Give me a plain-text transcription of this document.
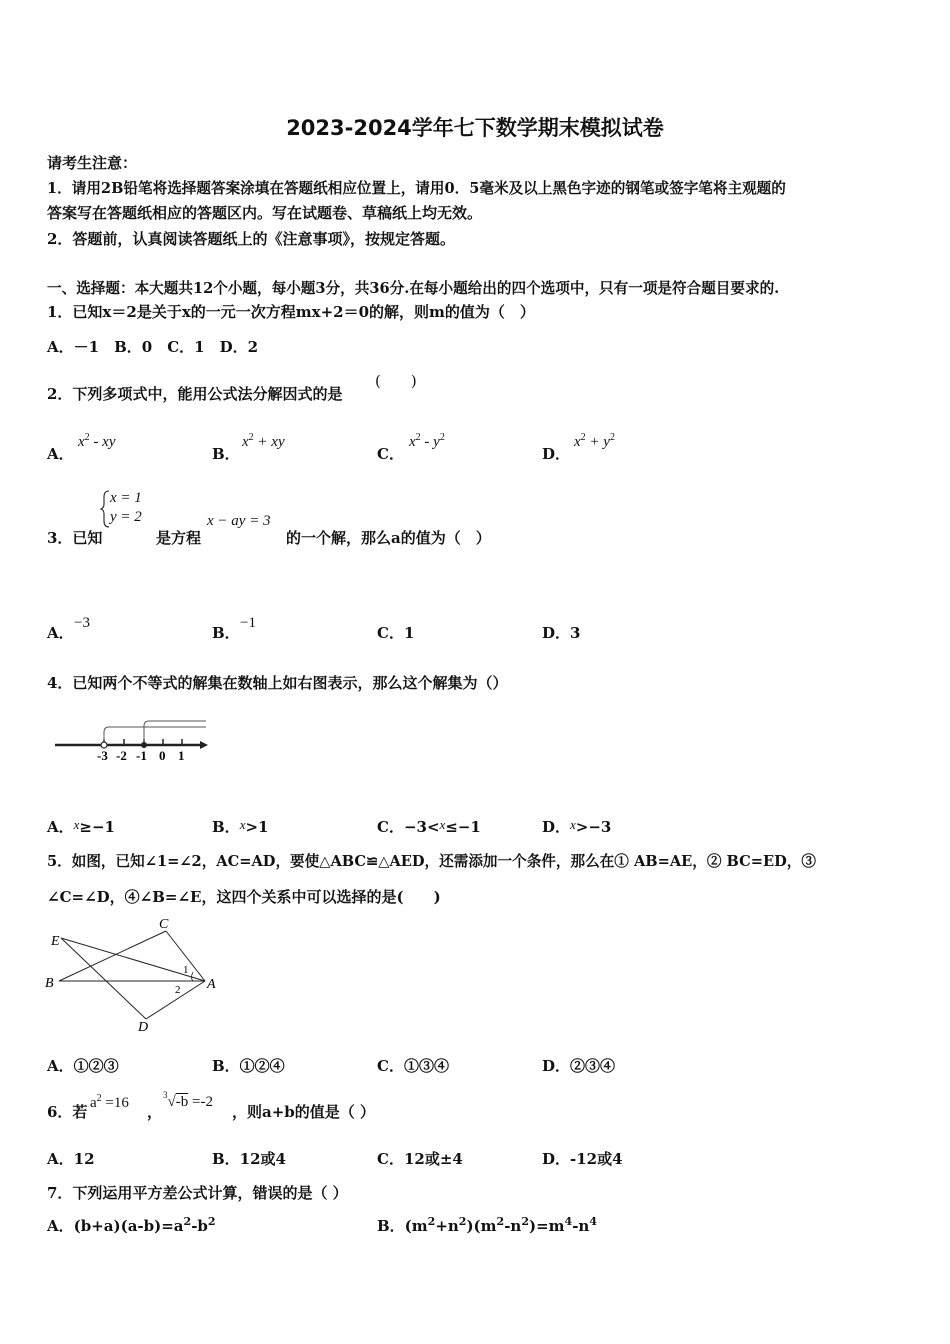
2023-2024学年七下数学期末模拟试卷
请考生注意：
1．请用2B铅笔将选择题答案涂填在答题纸相应位置上，请用0．5毫米及以上黑色字迹的钢笔或签字笔将主观题的
答案写在答题纸相应的答题区内。写在试题卷、草稿纸上均无效。
2．答题前，认真阅读答题纸上的《注意事项》，按规定答题。
一、选择题：本大题共12个小题，每小题3分，共36分.在每小题给出的四个选项中，只有一项是符合题目要求的.
1．已知x＝2是关于x的一元一次方程mx+2＝0的解，则m的值为（　）
A．－1　B．0　C．1　D．2
2．下列多项式中，能用公式法分解因式的是
(　　)
A．
$x^2$ - xy
B．
$x^2$ + xy
C．
$x^2 - y^2$
D．
$x^2 + y^2$
3．已知
x = 1
y = 2
是方程
x − ay = 3
的一个解，那么a的值为（　）
A．
−3
B．
−1
C．1	D．3
4．已知两个不等式的解集在数轴上如右图表示，那么这个解集为（）
-3 -2 -1 0 1
A．x≥−1	B．x>1	C．−3<x≤−1	D．x>−3
5．如图，已知∠1=∠2，AC=AD，要使△ABC≌△AED，还需添加一个条件，那么在① AB=AE，② BC=ED，③
∠C=∠D，④∠B=∠E，这四个关系中可以选择的是(　　)
E
C
B	A
D
1
2
A．①②③	B．①②④	C．①③④	D．②③④
6．若 $a^2 =16$ ，
$^3$√-b =-2
，则a+b的值是（ ）
A．12	B．12或4	C．12或±4	D．-12或4
7．下列运用平方差公式计算，错误的是（ ）
A．$(b+a)(a-b)=a^2-b^2$	B．$(m^2+n^2)(m^2-n^2)=m^4-n^4$
